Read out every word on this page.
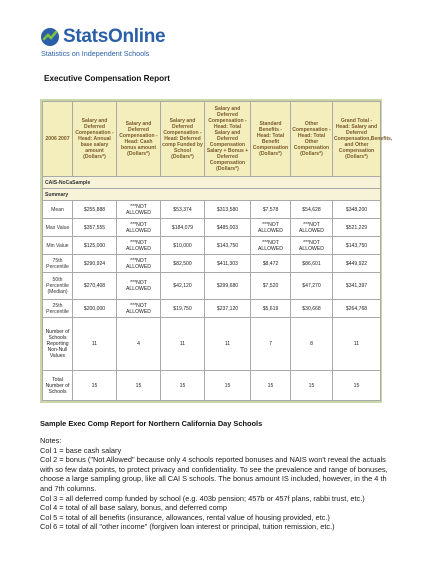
StatsOnline
Statistics on Independent Schools
Executive Compensation Report
2006 2007	Salary and Deferred Compensation - Head: Annual base salary amount (Dollars*)	Salary and Deferred Compensation - Head: Cash bonus amount (Dollars*)	Salary and Deferred Compensation - Head: Deferred comp Funded by School (Dollars*)	Salary and Deferred Compensation - Head: Total Salary and Deferred Compensation Salary + Bonus + Deferred Compensation (Dollars*)	Standard Benefits - Head: Total Benefit Compensation (Dollars*)	Other Compensation - Head: Total Other Compensation (Dollars*)	Grand Total - Head: Salary and Deferred Compensation,Benefits, and Other Compensation (Dollars*)
CAIS-NoCaSample							
Summary							
Mean	$255,888	***NOT ALLOWED	$53,374	$313,580	$7,578	$54,628	$348,200
Max Value	$357,555	***NOT ALLOWED	$184,079	$485,003	***NOT ALLOWED	***NOT ALLOWED	$521,229
Min Value	$125,000	***NOT ALLOWED	$10,000	$143,750	***NOT ALLOWED	***NOT ALLOWED	$143,750
75th Percentile	$290,924	***NOT ALLOWED	$82,500	$411,303	$8,472	$86,601	$449,922
50th Percentile (Median)	$270,408	***NOT ALLOWED	$42,120	$299,680	$7,520	$47,270	$341,397
25th Percentile	$200,000	***NOT ALLOWED	$19,750	$237,120	$5,619	$30,668	$264,768
Number of Schools Reporting Non-Null Values	11	4	11	11	7	8	11
Total Number of Schools	15	15	15	15	15	15	15
Sample Exec Comp Report for Northern California Day Schools
Notes:
Col 1 = base cash salary
Col 2 = bonus ("Not Allowed" because only 4 schools reported bonuses and NAIS won't reveal the actuals with so few data points, to protect privacy and confidentiality. To see the prevalence and range of bonuses, choose a large sampling group, like all CAI S schools. The bonus amount IS included, however, in the 4 th and 7th columns.
Col 3 = all deferred comp funded by school (e.g. 403b pension; 457b or 457f plans, rabbi trust, etc.)
Col 4 = total of all base salary, bonus, and deferred comp
Col 5 = total of all benefits (insurance, allowances, rental value of housing provided, etc.)
Col 6 = total of all "other income" (forgiven loan interest or principal, tuition remission, etc.)
